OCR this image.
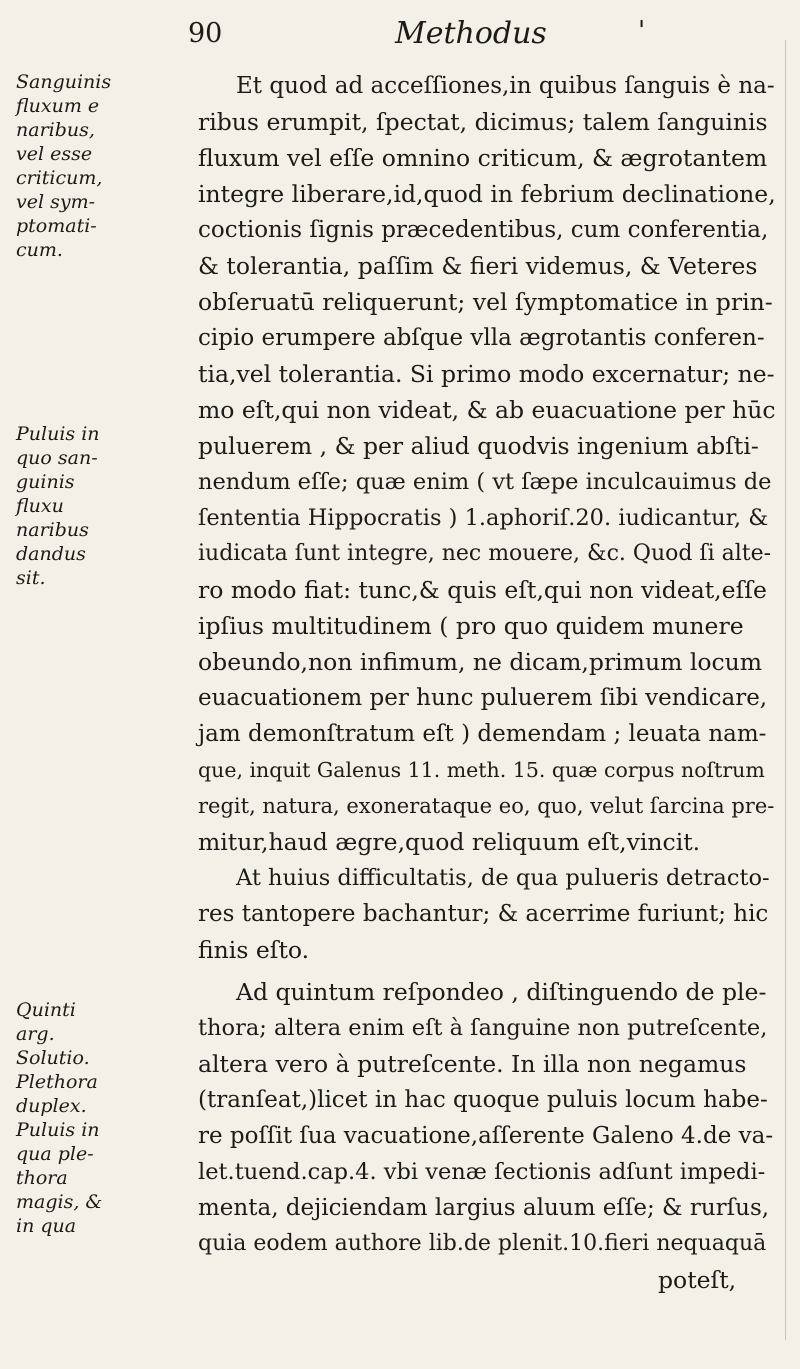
90	Methodus	'
Sanguinis
fluxum e
naribus,
vel esse
criticum,
vel sym-
ptomati-
cum.
Puluis in
quo san-
guinis
fluxu
naribus
dandus
sit.
Quinti
arg.
Solutio.
Plethora
duplex.
Puluis in
qua ple-
thora
magis, &
in qua
Et quod ad acceſſiones,in quibus ſanguis è na-
ribus erumpit, ſpectat, dicimus; talem ſanguinis
fluxum vel eſſe omnino criticum, & ægrotantem
integre liberare,id,quod in febrium declinatione,
coctionis ſignis præcedentibus, cum conferentia,
& tolerantia, paſſim & fieri videmus, & Veteres
obſeruatū reliquerunt; vel ſymptomatice in prin-
cipio erumpere abſque vlla ægrotantis conferen-
tia,vel tolerantia. Si primo modo excernatur; ne-
mo eſt,qui non videat, & ab euacuatione per hūc
puluerem , & per aliud quodvis ingenium abſti-
nendum eſſe; quæ enim ( vt ſæpe inculcauimus de
ſententia Hippocratis ) 1.aphoriſ.20. iudicantur, &
iudicata ſunt integre, nec mouere, &c. Quod ſi alte-
ro modo fiat: tunc,& quis eſt,qui non videat,eſſe
ipſius multitudinem ( pro quo quidem munere
obeundo,non infimum, ne dicam,primum locum
euacuationem per hunc puluerem ſibi vendicare,
jam demonſtratum eſt ) demendam ; leuata nam-
que, inquit Galenus 11. meth. 15. quæ corpus noſtrum
regit, natura, exonerataque eo, quo, velut ſarcina pre-
mitur,haud ægre,quod reliquum eſt,vincit.
At huius difficultatis, de qua pulueris detracto-
res tantopere bachantur; & acerrime furiunt; hic
finis eſto.
Ad quintum reſpondeo , diſtinguendo de ple-
thora; altera enim eſt à ſanguine non putreſcente,
altera vero à putreſcente. In illa non negamus
(tranſeat,)licet in hac quoque puluis locum habe-
re poſſit ſua vacuatione,aſſerente Galeno 4.de va-
let.tuend.cap.4. vbi venæ ſectionis adſunt impedi-
menta, dejiciendam largius aluum eſſe; & rurſus,
quia eodem authore lib.de plenit.10.fieri nequaquā
poteſt,
